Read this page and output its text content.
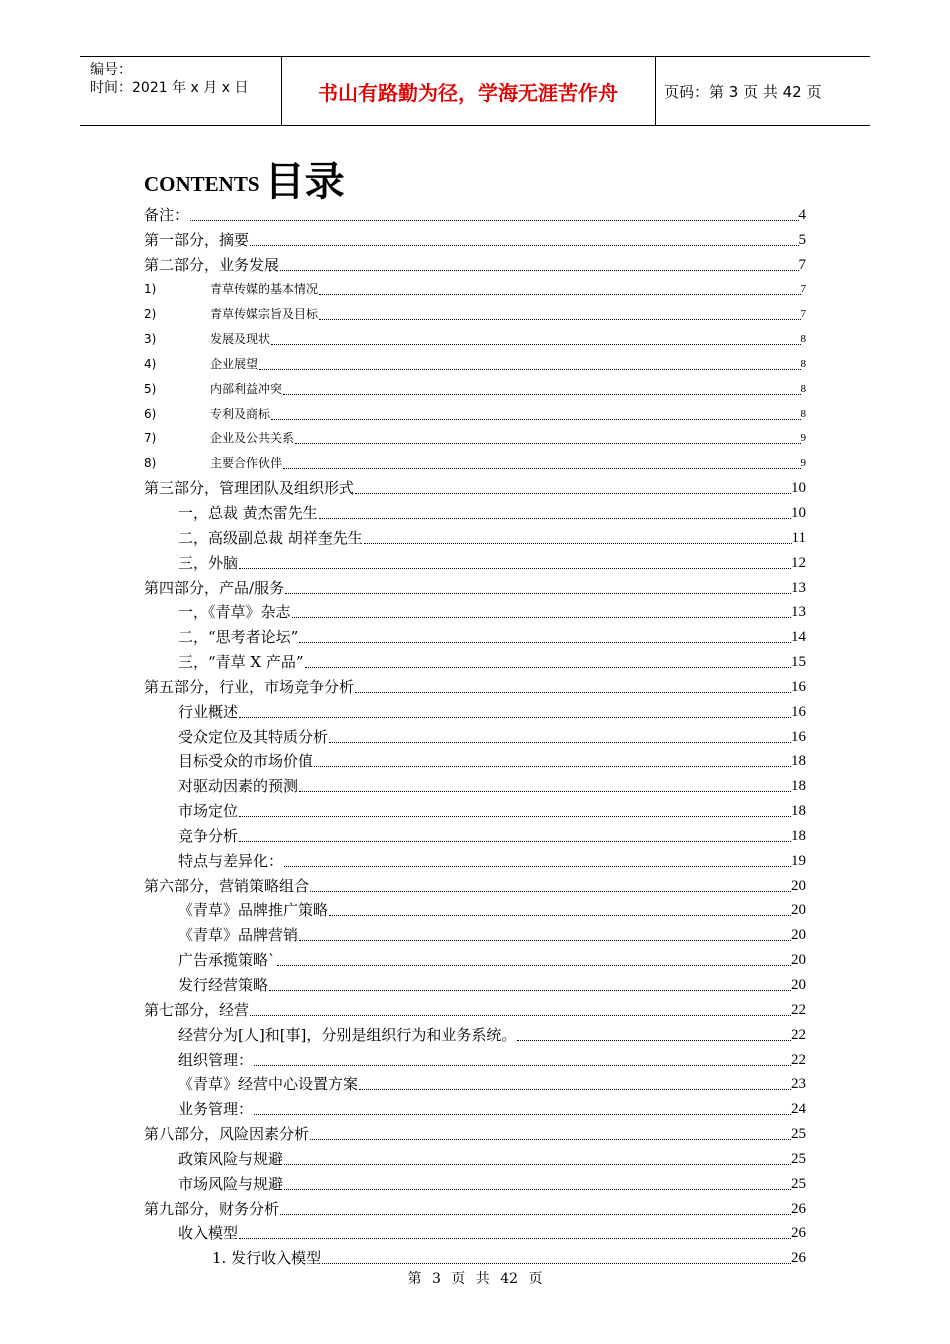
编号：
时间：2021 年 x 月 x 日	书山有路勤为径，学海无涯苦作舟	页码：第 3 页 共 42 页
CONTENTS 目录
备注：	4
第一部分，摘要	5
第二部分，业务发展	7
1)	青草传媒的基本情况	7
2)	青草传媒宗旨及目标	7
3)	发展及现状	8
4)	企业展望	8
5)	内部利益冲突	8
6)	专利及商标	8
7)	企业及公共关系	9
8)	主要合作伙伴	9
第三部分，管理团队及组织形式	10
一，总裁 黄杰雷先生	10
二，高级副总裁 胡祥奎先生	11
三，外脑	12
第四部分，产品/服务	13
一，《青草》杂志	13
二，“思考者论坛”	14
三，“青草 X 产品”	15
第五部分，行业，市场竞争分析	16
行业概述	16
受众定位及其特质分析	16
目标受众的市场价值	18
对驱动因素的预测	18
市场定位	18
竞争分析	18
特点与差异化：	19
第六部分，营销策略组合	20
《青草》品牌推广策略	20
《青草》品牌营销	20
广告承揽策略`	20
发行经营策略	20
第七部分，经营	22
经营分为[人]和[事]，分别是组织行为和业务系统。	22
组织管理：	22
《青草》经营中心设置方案	23
业务管理：	24
第八部分，风险因素分析	25
政策风险与规避	25
市场风险与规避	25
第九部分，财务分析	26
收入模型	26
1. 发行收入模型	26
第 3 页 共 42 页
